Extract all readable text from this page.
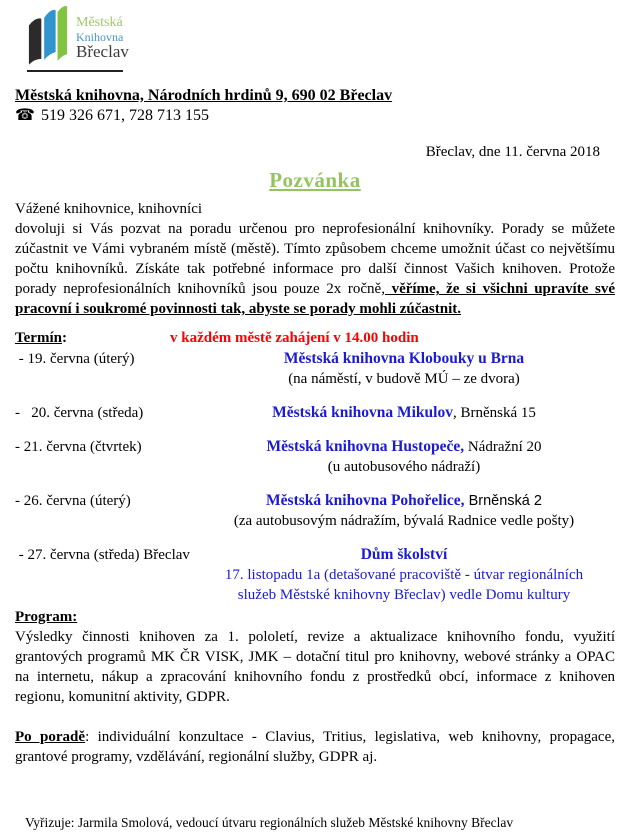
Městská
Knihovna
Břeclav
Městská knihovna, Národních hrdinů 9, 690 02 Břeclav
☎ 519 326 671, 728 713 155
Břeclav, dne 11. června 2018
Pozvánka
Vážené knihovnice, knihovníci
dovoluji si Vás pozvat na poradu určenou pro neprofesionální knihovníky. Porady se můžete zúčastnit ve Vámi vybraném místě (městě). Tímto způsobem chceme umožnit účast co největšímu počtu knihovníků. Získáte tak potřebné informace pro další činnost Vašich knihoven. Protože porady neprofesionálních knihovníků jsou pouze 2x ročně, věříme, že si všichni upravíte své pracovní i soukromé povinnosti tak, abyste se porady mohli zúčastnit.
Termín:	v každém městě zahájení v 14.00 hodin
- 19. června (úterý)	Městská knihovna Klobouky u Brna
(na náměstí, v budově MÚ – ze dvora)
-   20. června (středa)	Městská knihovna Mikulov, Brněnská 15
- 21. června (čtvrtek)	Městská knihovna Hustopeče, Nádražní 20
(u autobusového nádraží)
- 26. června (úterý)	Městská knihovna Pohořelice, Brněnská 2
(za autobusovým nádražím, bývalá Radnice vedle pošty)
- 27. června (středa) Břeclav	Dům školství
17. listopadu 1a (detašované pracoviště - útvar regionálních
služeb Městské knihovny Břeclav) vedle Domu kultury
Program:
Výsledky činnosti knihoven za 1. pololetí, revize a aktualizace knihovního fondu, využití grantových programů MK ČR VISK, JMK – dotační titul pro knihovny, webové stránky a OPAC na internetu, nákup a zpracování knihovního fondu z prostředků obcí, informace z knihoven regionu, komunitní aktivity, GDPR.
Po poradě: individuální konzultace - Clavius, Tritius, legislativa, web knihovny, propagace, grantové programy, vzdělávání, regionální služby, GDPR aj.
Vyřizuje: Jarmila Smolová, vedoucí útvaru regionálních služeb Městské knihovny Břeclav
